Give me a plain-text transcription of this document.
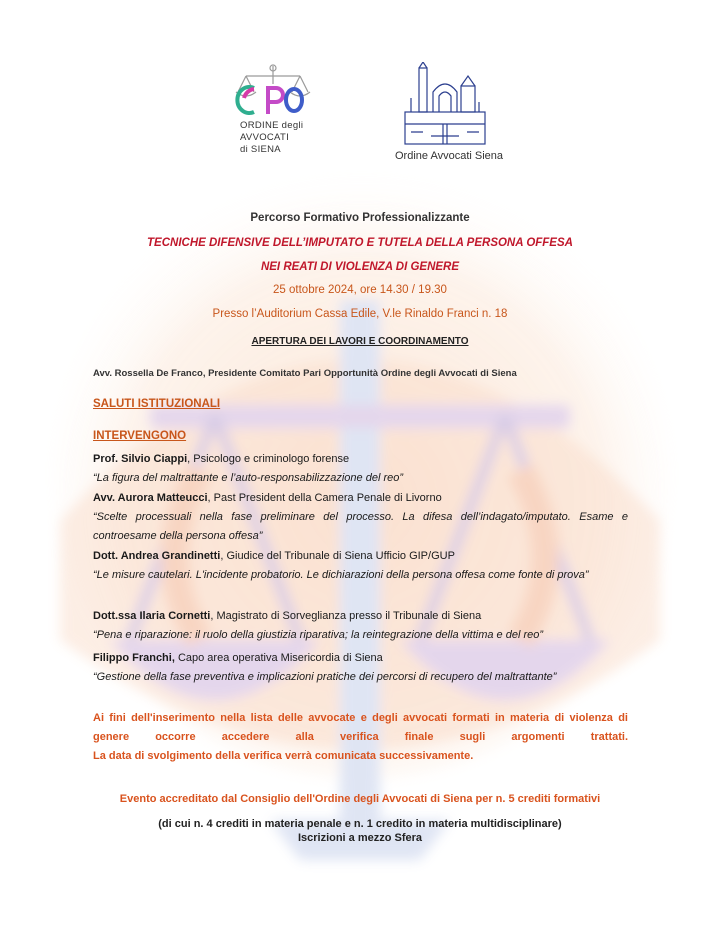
ORDINE degli
AVVOCATI
di SIENA
Ordine Avvocati Siena
Percorso Formativo Professionalizzante
TECNICHE DIFENSIVE DELL’IMPUTATO E TUTELA DELLA PERSONA OFFESA
NEI REATI DI VIOLENZA DI GENERE
25 ottobre 2024, ore 14.30 / 19.30
Presso l’Auditorium Cassa Edile, V.le Rinaldo Franci n. 18
APERTURA DEI LAVORI E COORDINAMENTO
Avv. Rossella De Franco, Presidente Comitato Pari Opportunità Ordine degli Avvocati di Siena
SALUTI ISTITUZIONALI
INTERVENGONO
Prof. Silvio Ciappi, Psicologo e criminologo forense
“La figura del maltrattante e l’auto-responsabilizzazione del reo”
Avv. Aurora Matteucci, Past President della Camera Penale di Livorno
“Scelte processuali nella fase preliminare del processo. La difesa dell’indagato/imputato. Esame e controesame della persona offesa”
Dott. Andrea Grandinetti, Giudice del Tribunale di Siena Ufficio GIP/GUP
“Le misure cautelari. L'incidente probatorio. Le dichiarazioni della persona offesa come fonte di prova”
Dott.ssa Ilaria Cornetti, Magistrato di Sorveglianza presso il Tribunale di Siena
“Pena e riparazione: il ruolo della giustizia riparativa; la reintegrazione della vittima e del reo”
Filippo Franchi, Capo area operativa Misericordia di Siena
“Gestione della fase preventiva e implicazioni pratiche dei percorsi di recupero del maltrattante”
Ai fini dell'inserimento nella lista delle avvocate e degli avvocati formati in materia di violenza di
genere occorre accedere alla verifica finale sugli argomenti trattati.
La data di svolgimento della verifica verrà comunicata successivamente.
Evento accreditato dal Consiglio dell'Ordine degli Avvocati di Siena per n. 5 crediti formativi
(di cui n. 4 crediti in materia penale e n. 1 credito in materia multidisciplinare)
Iscrizioni a mezzo Sfera
